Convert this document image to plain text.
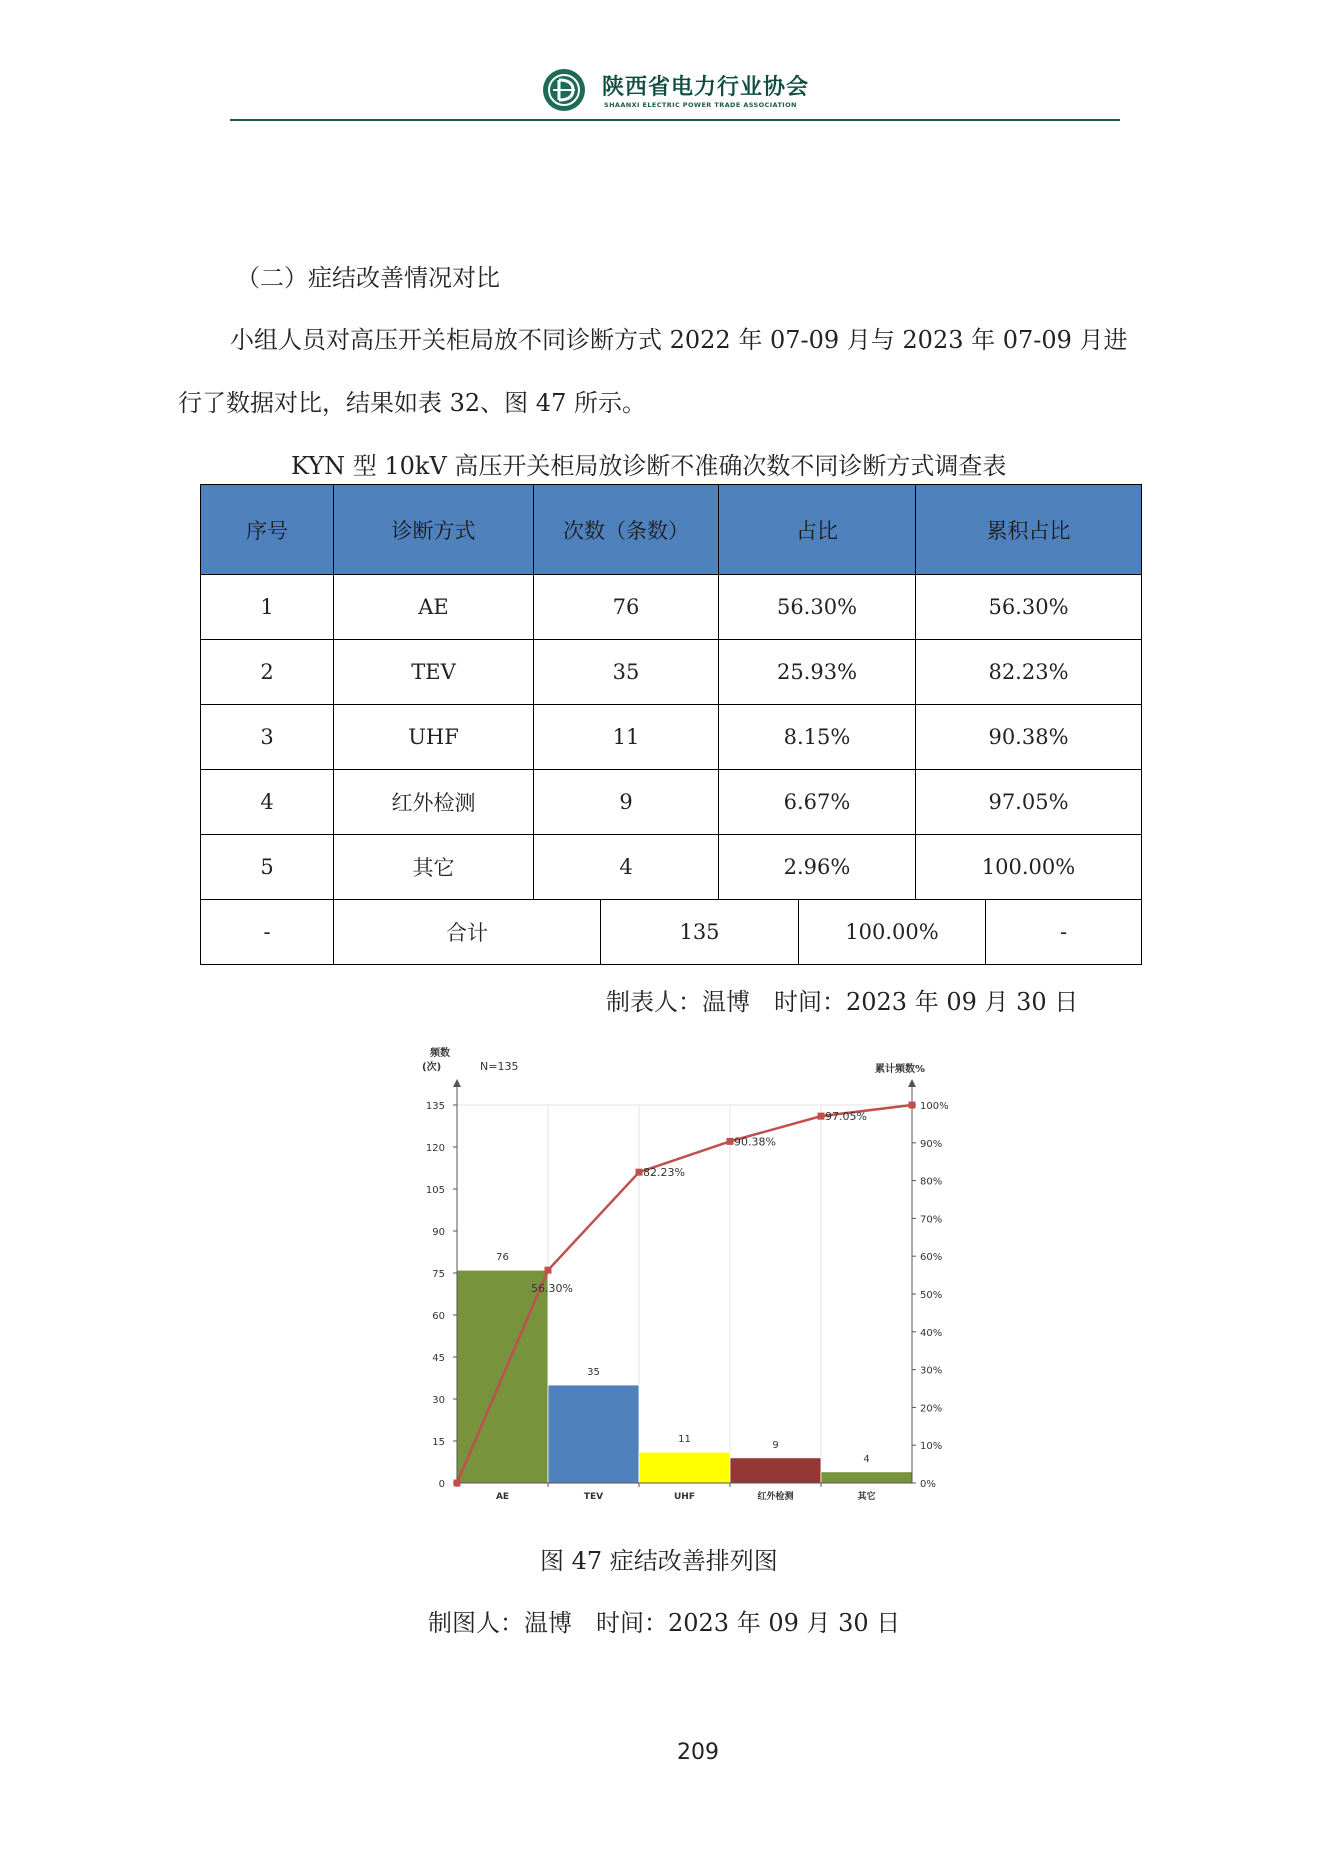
陕西省电力行业协会
SHAANXI ELECTRIC POWER TRADE ASSOCIATION
（二）症结改善情况对比
小组人员对高压开关柜局放不同诊断方式 2022 年 07-09 月与 2023 年 07-09 月进
行了数据对比，结果如表 32、图 47 所示。
KYN 型 10kV 高压开关柜局放诊断不准确次数不同诊断方式调查表
序号	诊断方式	次数（条数）	占比	累积占比
1	AE	76	56.30%	56.30%
2	TEV	35	25.93%	82.23%
3	UHF	11	8.15%	90.38%
4	红外检测	9	6.67%	97.05%
5	其它	4	2.96%	100.00%
-	合计	135	100.00%	-
制表人：温博　时间：2023 年 09 月 30 日
76
35
11
9
4
0
15
30
45
60
75
90
105
120
135
0%
10%
20%
30%
40%
50%
60%
70%
80%
90%
100%
AE	TEV	UHF	红外检测	其它
频数
(次)	N=135	累计频数%
56.30%
82.23%
90.38%
97.05%
图 47 症结改善排列图
制图人：温博　时间：2023 年 09 月 30 日
209
